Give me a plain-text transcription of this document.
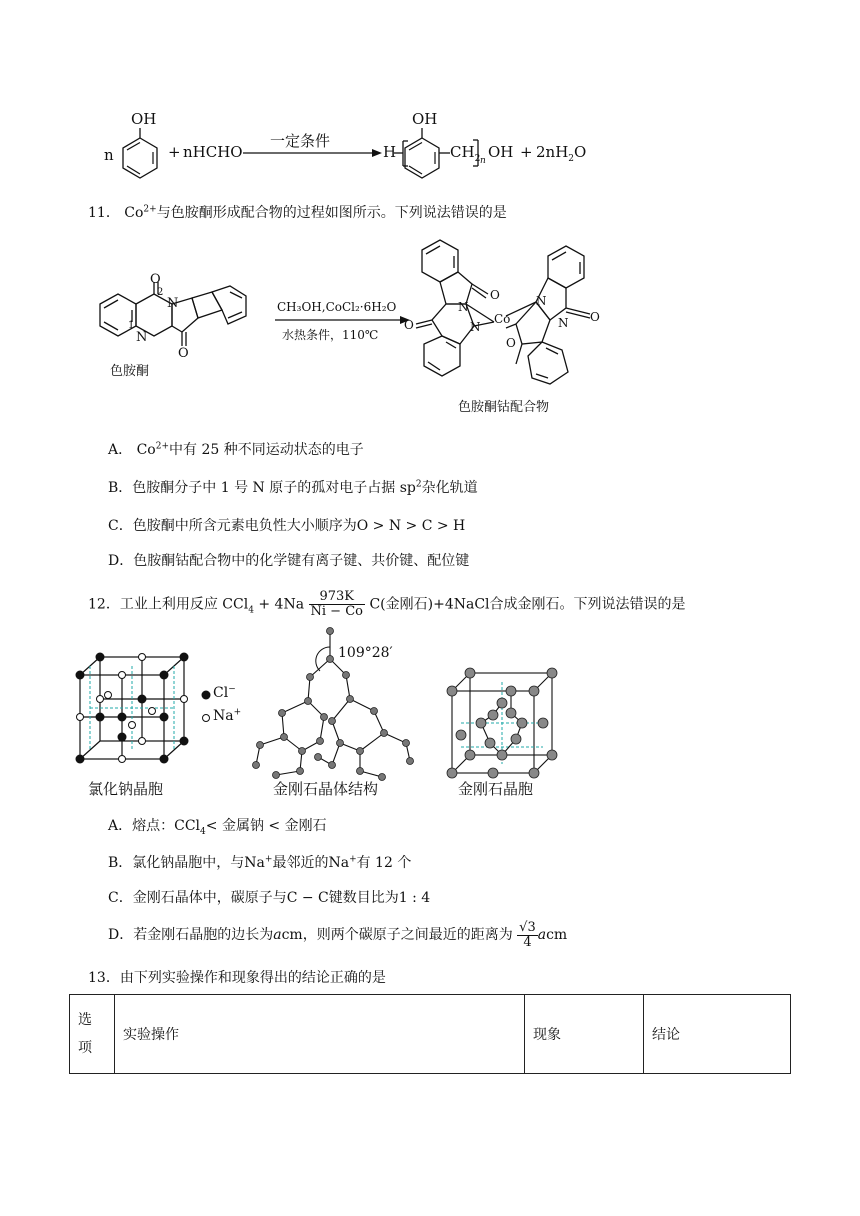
n
OH
+ nHCHO
一定条件
H
OH
$CH_2$ n OH + $2nH_2O$
11． $Co^{2+}$与色胺酮形成配合物的过程如图所示。下列说法错误的是
O
N
2
N
1
O
色胺酮
CH₃OH,CoCl₂·6H₂O
水热条件，110℃
O
N
Co
O	N
N
O
N
O
色胺酮钴配合物
A． $Co^{2+}$中有 25 种不同运动状态的电子
B．色胺酮分子中 1 号 N 原子的孤对电子占据 $sp^2$杂化轨道
C．色胺酮中所含元素电负性大小顺序为O > N > C > H
D．色胺酮钴配合物中的化学键有离子键、共价键、配位键
12．工业上利用反应 $CCl_4 + 4Na \frac{973K}{Ni - Co} C$(金刚石)+4NaCl合成金刚石。下列说法错误的是
Cl−
Na+
109°28′
氯化钠晶胞	金刚石晶体结构	金刚石晶胞
A．熔点：CCl$_4$< 金属钠 < 金刚石
B．氯化钠晶胞中，与Na+最邻近的Na+有 12 个
C．金刚石晶体中，碳原子与C − C键数目比为1 : 4
D．若金刚石晶胞的边长为acm，则两个碳原子之间最近的距离为 $\frac{√3}{4}$ acm
13．由下列实验操作和现象得出的结论正确的是
选
项
	实验操作	现象	结论
